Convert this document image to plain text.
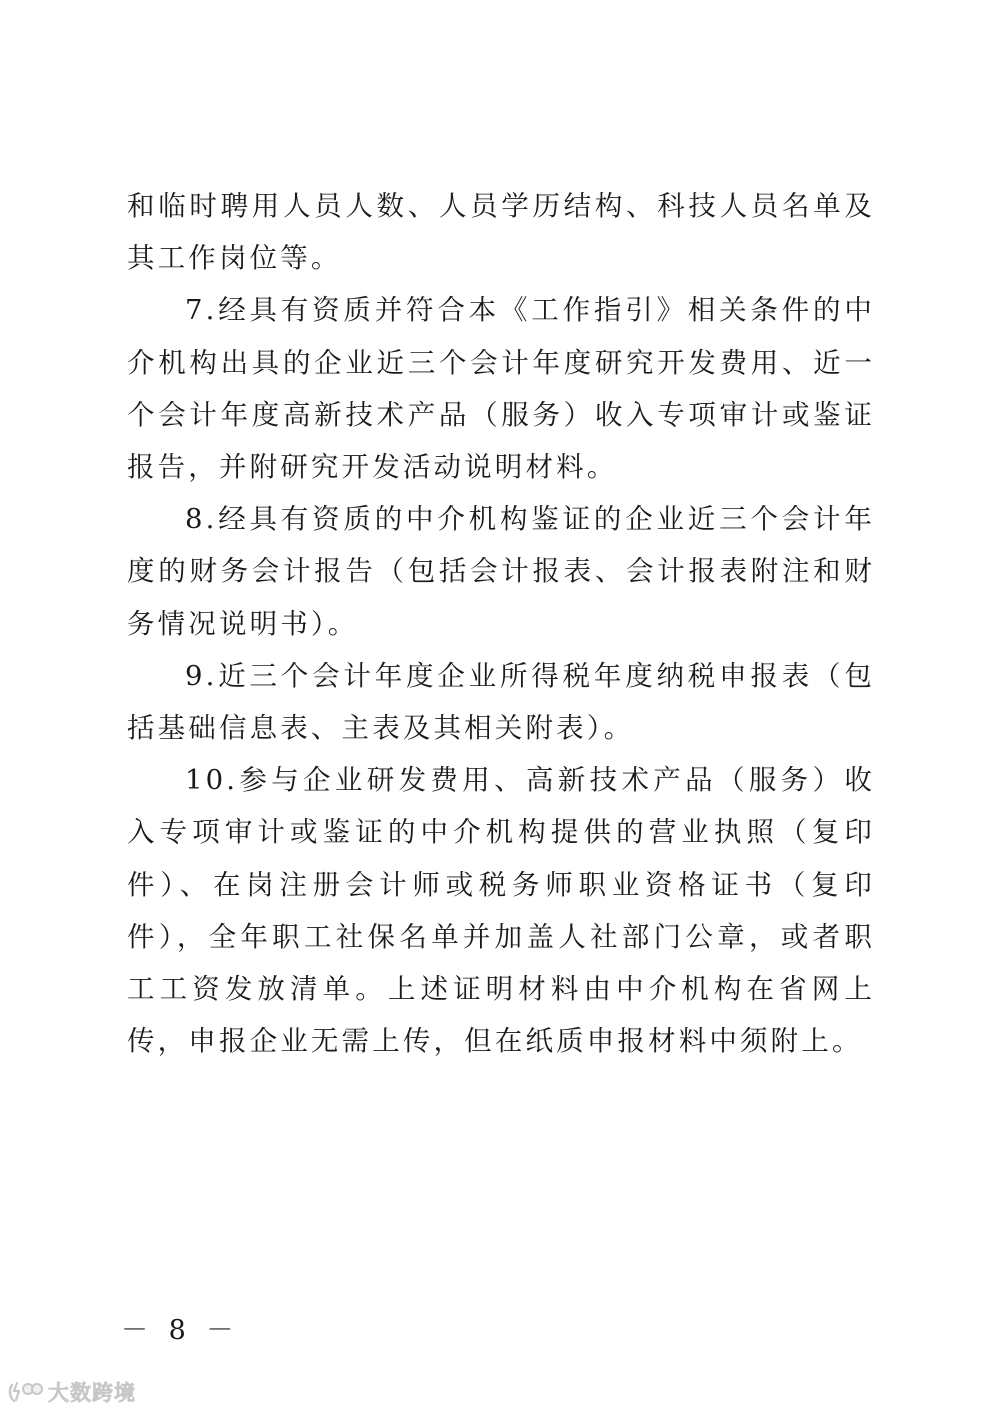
和临时聘用人员人数、人员学历结构、科技人员名单及其工作岗位等。

7.经具有资质并符合本《工作指引》相关条件的中介机构出具的企业近三个会计年度研究开发费用、近一个会计年度高新技术产品（服务）收入专项审计或鉴证报告，并附研究开发活动说明材料。

8.经具有资质的中介机构鉴证的企业近三个会计年度的财务会计报告（包括会计报表、会计报表附注和财务情况说明书）。

9.近三个会计年度企业所得税年度纳税申报表（包括基础信息表、主表及其相关附表）。

10.参与企业研发费用、高新技术产品（服务）收入专项审计或鉴证的中介机构提供的营业执照（复印件）、在岗注册会计师或税务师职业资格证书（复印件），全年职工社保名单并加盖人社部门公章，或者职工工资发放清单。上述证明材料由中介机构在省网上传，申报企业无需上传，但在纸质申报材料中须附上。

－ 8 －
大数跨境
